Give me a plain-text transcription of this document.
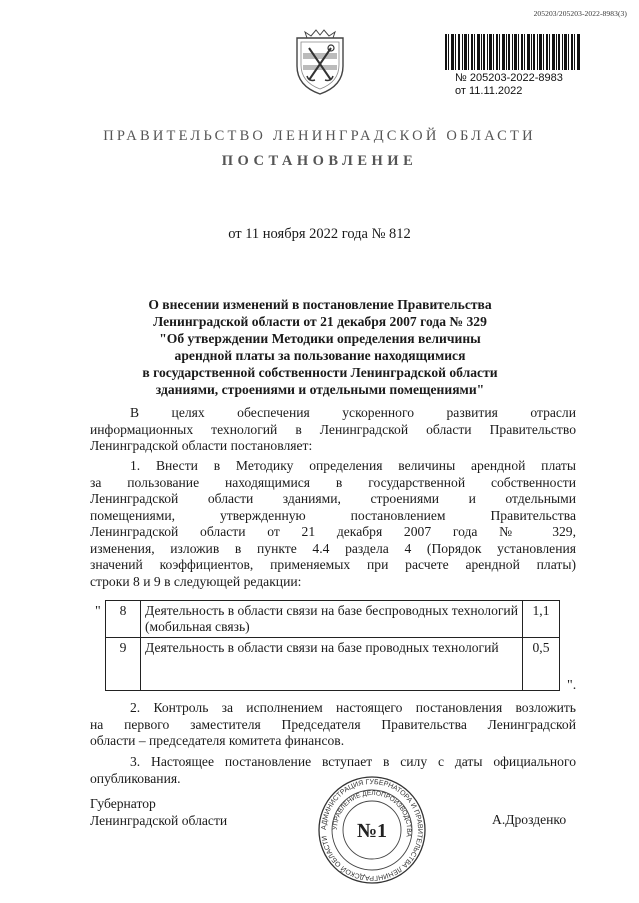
205203/205203-2022-8983(3)
№ 205203-2022-8983
от 11.11.2022
ПРАВИТЕЛЬСТВО ЛЕНИНГРАДСКОЙ ОБЛАСТИ
ПОСТАНОВЛЕНИЕ
от 11 ноября 2022 года № 812
О внесении изменений в постановление Правительства
Ленинградской области от 21 декабря 2007 года № 329
"Об утверждении Методики определения величины
арендной платы за пользование находящимися
в государственной собственности Ленинградской области
зданиями, строениями и отдельными помещениями"
В целях обеспечения ускоренного развития отрасли
информационных технологий в Ленинградской области Правительство
Ленинградской области постановляет:
1. Внести в Методику определения величины арендной платы
за пользование находящимися в государственной собственности
Ленинградской области зданиями, строениями и отдельными
помещениями, утвержденную постановлением Правительства
Ленинградской области от 21 декабря 2007 года № 329,
изменения, изложив в пункте 4.4 раздела 4 (Порядок установления
значений коэффициентов, применяемых при расчете арендной платы)
строки 8 и 9 в следующей редакции:
" 8	Деятельность в области связи на базе беспроводных технологий (мобильная связь)	1,1
9	Деятельность в области связи на базе проводных технологий	0,5
".
2. Контроль за исполнением настоящего постановления возложить
на первого заместителя Председателя Правительства Ленинградской
области – председателя комитета финансов.
3. Настоящее постановление вступает в силу с даты официального
опубликования.
Губернатор
Ленинградской области	АДМИНИСТРАЦИЯ ГУБЕРНАТОРА И ПРАВИТЕЛЬСТВА ЛЕНИНГРАДСКОЙ ОБЛАСТИ
УПРАВЛЕНИЕ ДЕЛОПРОИЗВОДСТВА
№1
А.Дрозденко
